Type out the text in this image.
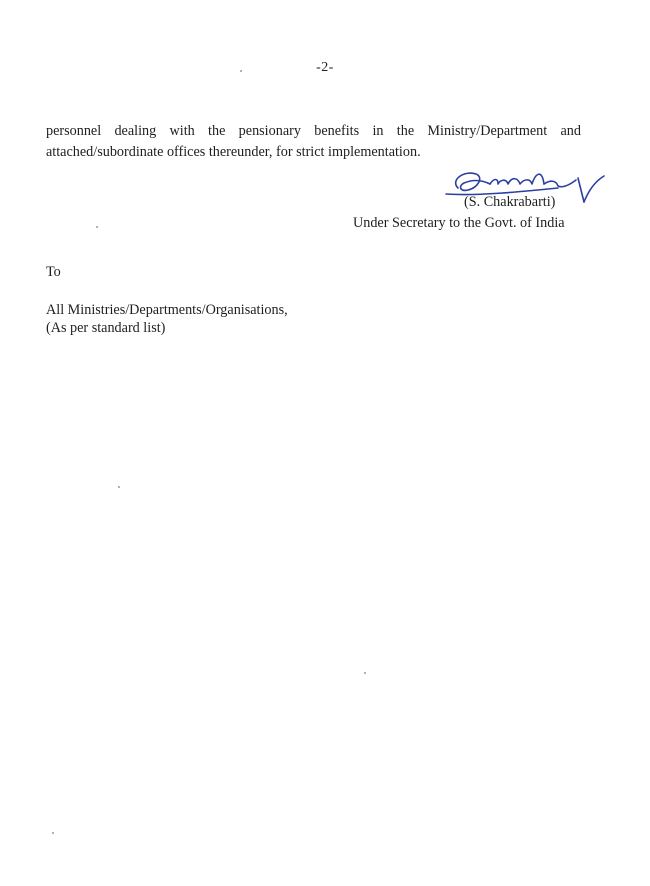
-2-
personnel dealing with the pensionary benefits in the Ministry/Department and
attached/subordinate offices thereunder, for strict implementation.
(S. Chakrabarti)
Under Secretary to the Govt. of India
To
All Ministries/Departments/Organisations,
(As per standard list)
